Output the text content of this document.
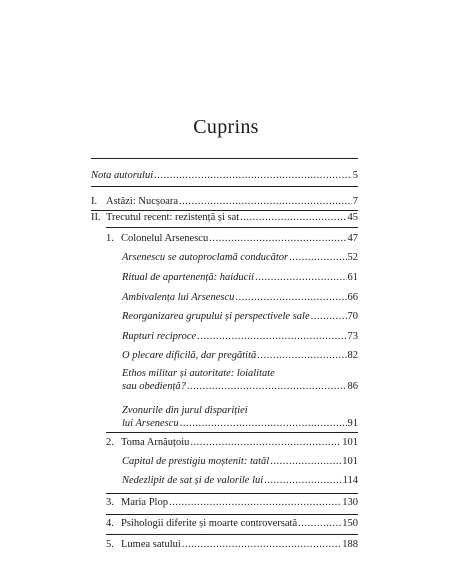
Cuprins
Nota autorului .....	5
I. Astăzi: Nucșoara .....	7
II. Trecutul recent: rezistență și sat .....	45
1. Colonelul Arsenescu .....	47
Arsenescu se autoproclamă conducător .....	52
Ritual de apartenență: haiducii .....	61
Ambivalența lui Arsenescu .....	66
Reorganizarea grupului și perspectivele sale .....	70
Rupturi reciproce .....	73
O plecare dificilă, dar pregătită .....	82
Ethos militar și autoritate: loialitate
sau obediență? .....	86
Zvonurile din jurul dispariției
lui Arsenescu .....	91
2. Toma Arnăuțoiu .....	101
Capital de prestigiu moștenit: tatăl .....	101
Nedezlipit de sat și de valorile lui .....	114
3. Maria Plop .....	130
4. Psihologii diferite și moarte controversată .....	150
5. Lumea satului .....	188
